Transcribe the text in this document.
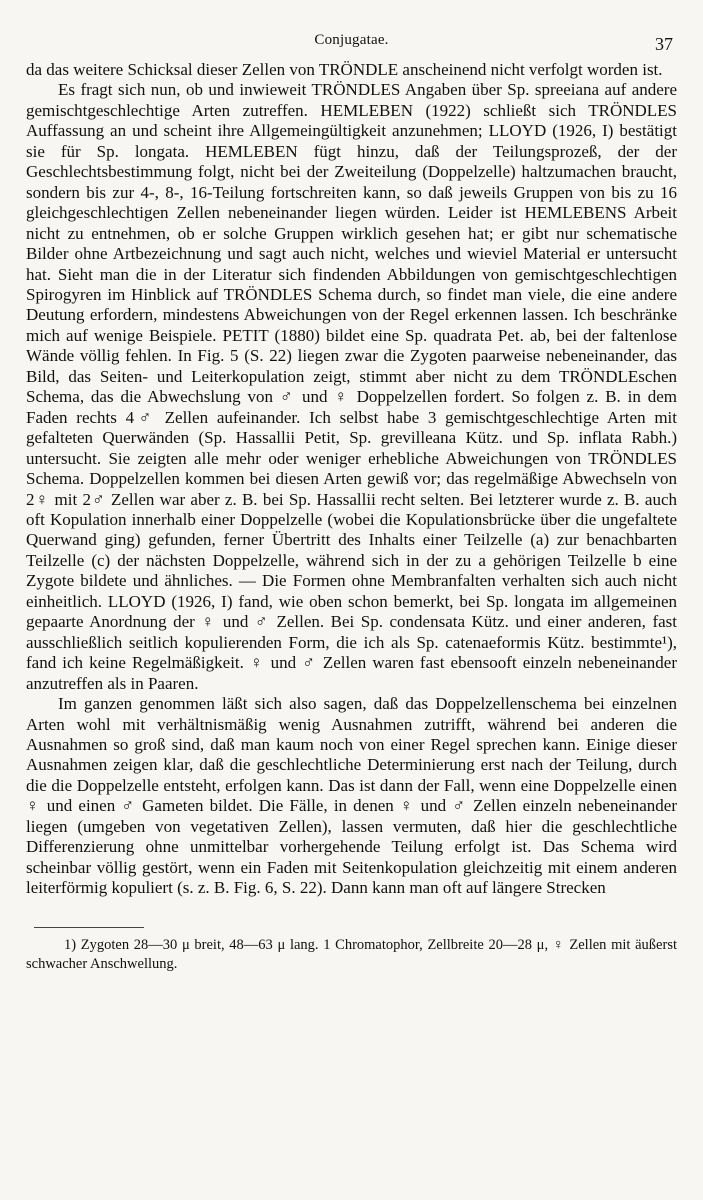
Conjugatae.	37

da das weitere Schicksal dieser Zellen von TRÖNDLE anscheinend nicht verfolgt worden ist.

Es fragt sich nun, ob und inwieweit TRÖNDLES Angaben über Sp. spreeiana auf andere gemischtgeschlechtige Arten zutreffen. HEMLEBEN (1922) schließt sich TRÖNDLES Auffassung an und scheint ihre Allgemeingültigkeit anzunehmen; LLOYD (1926, I) bestätigt sie für Sp. longata. HEMLEBEN fügt hinzu, daß der Teilungsprozeß, der der Geschlechtsbestimmung folgt, nicht bei der Zweiteilung (Doppelzelle) haltzumachen braucht, sondern bis zur 4-, 8-, 16-Teilung fortschreiten kann, so daß jeweils Gruppen von bis zu 16 gleichgeschlechtigen Zellen nebeneinander liegen würden. Leider ist HEMLEBENS Arbeit nicht zu entnehmen, ob er solche Gruppen wirklich gesehen hat; er gibt nur schematische Bilder ohne Artbezeichnung und sagt auch nicht, welches und wieviel Material er untersucht hat. Sieht man die in der Literatur sich findenden Abbildungen von gemischtgeschlechtigen Spirogyren im Hinblick auf TRÖNDLES Schema durch, so findet man viele, die eine andere Deutung erfordern, mindestens Abweichungen von der Regel erkennen lassen. Ich beschränke mich auf wenige Beispiele. PETIT (1880) bildet eine Sp. quadrata Pet. ab, bei der faltenlose Wände völlig fehlen. In Fig. 5 (S. 22) liegen zwar die Zygoten paarweise nebeneinander, das Bild, das Seiten- und Leiterkopulation zeigt, stimmt aber nicht zu dem TRÖNDLEschen Schema, das die Abwechslung von ♂ und ♀ Doppelzellen fordert. So folgen z. B. in dem Faden rechts 4♂ Zellen aufeinander. Ich selbst habe 3 gemischtgeschlechtige Arten mit gefalteten Querwänden (Sp. Hassallii Petit, Sp. grevilleana Kütz. und Sp. inflata Rabh.) untersucht. Sie zeigten alle mehr oder weniger erhebliche Abweichungen von TRÖNDLES Schema. Doppelzellen kommen bei diesen Arten gewiß vor; das regelmäßige Abwechseln von 2♀ mit 2♂ Zellen war aber z. B. bei Sp. Hassallii recht selten. Bei letzterer wurde z. B. auch oft Kopulation innerhalb einer Doppelzelle (wobei die Kopulationsbrücke über die ungefaltete Querwand ging) gefunden, ferner Übertritt des Inhalts einer Teilzelle (a) zur benachbarten Teilzelle (c) der nächsten Doppelzelle, während sich in der zu a gehörigen Teilzelle b eine Zygote bildete und ähnliches. — Die Formen ohne Membranfalten verhalten sich auch nicht einheitlich. LLOYD (1926, I) fand, wie oben schon bemerkt, bei Sp. longata im allgemeinen gepaarte Anordnung der ♀ und ♂ Zellen. Bei Sp. condensata Kütz. und einer anderen, fast ausschließlich seitlich kopulierenden Form, die ich als Sp. catenaeformis Kütz. bestimmte¹), fand ich keine Regelmäßigkeit. ♀ und ♂ Zellen waren fast ebensooft einzeln nebeneinander anzutreffen als in Paaren.

Im ganzen genommen läßt sich also sagen, daß das Doppelzellenschema bei einzelnen Arten wohl mit verhältnismäßig wenig Ausnahmen zutrifft, während bei anderen die Ausnahmen so groß sind, daß man kaum noch von einer Regel sprechen kann. Einige dieser Ausnahmen zeigen klar, daß die geschlechtliche Determinierung erst nach der Teilung, durch die die Doppelzelle entsteht, erfolgen kann. Das ist dann der Fall, wenn eine Doppelzelle einen ♀ und einen ♂ Gameten bildet. Die Fälle, in denen ♀ und ♂ Zellen einzeln nebeneinander liegen (umgeben von vegetativen Zellen), lassen vermuten, daß hier die geschlechtliche Differenzierung ohne unmittelbar vorhergehende Teilung erfolgt ist. Das Schema wird scheinbar völlig gestört, wenn ein Faden mit Seitenkopulation gleichzeitig mit einem anderen leiterförmig kopuliert (s. z. B. Fig. 6, S. 22). Dann kann man oft auf längere Strecken

1) Zygoten 28—30 μ breit, 48—63 μ lang. 1 Chromatophor, Zellbreite 20—28 μ, ♀ Zellen mit äußerst schwacher Anschwellung.
